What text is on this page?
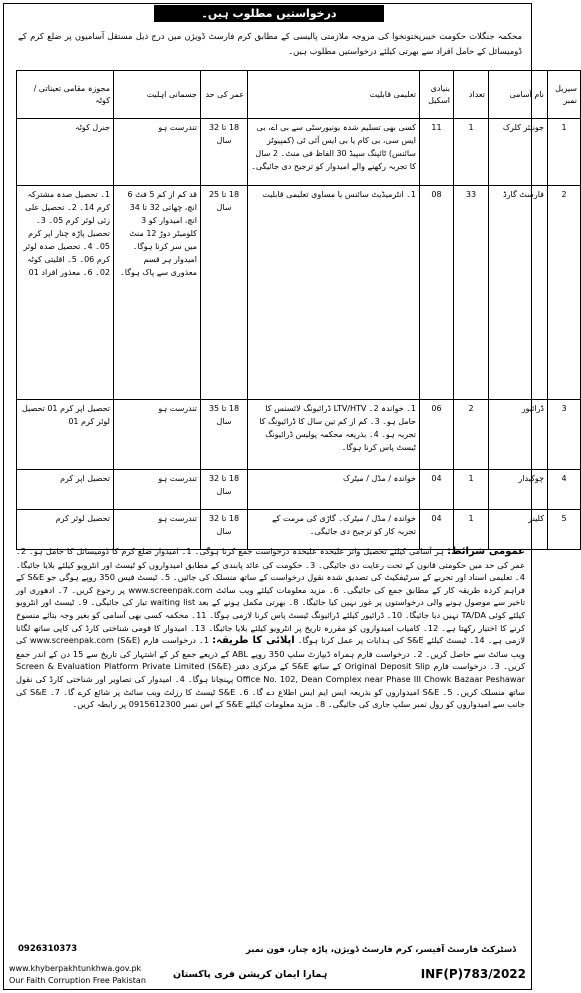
درخواستیں مطلوب ہیں۔
محکمہ جنگلات حکومت خیبرپختونخوا کی مروجہ ملازمتی پالیسی کے مطابق کرم فارسٹ ڈویژن میں درج ذیل مستقل آسامیوں پر ضلع کرم کے ڈومیسائل کے حامل افراد سے بھرتی کیلئے درخواستیں مطلوب ہیں۔
سیریل نمبر	نام آسامی	تعداد	بنیادی اسکیل	تعلیمی قابلیت	عمر کی حد	جسمانی اہلیت	مجوزہ مقامی تعیناتی / کوٹہ
1	جونیئر کلرک	1	11	کسی بھی تسلیم شدہ یونیورسٹی سے بی اے، بی ایس سی، بی کام یا بی ایس آئی ٹی (کمپیوٹر سائنس) ٹائپنگ سپیڈ 30 الفاظ فی منٹ۔ 2 سال کا تجربہ رکھنے والے امیدوار کو ترجیح دی جائیگی۔	18 تا 32 سال	تندرست ہو	جنرل کوٹہ
2	فارسٹ گارڈ	33	08	1۔ انٹرمیڈیٹ سائنس یا مساوی تعلیمی قابلیت	18 تا 25 سال	قد کم از کم 5 فٹ 6 انچ، چھاتی 32 تا 34 انچ، امیدوار کو 3 کلومیٹر دوڑ 12 منٹ میں سر کرنا ہوگا۔ امیدوار ہر قسم معذوری سے پاک ہوگا۔	1۔ تحصیل صدہ مشترکہ کرم 14۔ 2۔ تحصیل علی زئی لوئر کرم 05۔ 3۔ تحصیل پاڑہ چنار اپر کرم 05۔ 4۔ تحصیل صدہ لوئر کرم 06۔ 5۔ اقلیتی کوٹہ 02۔ 6۔ معذور افراد 01
3	ڈرائیور	2	06	1۔ خواندہ 2۔ LTV/HTV ڈرائیونگ لائسنس کا حامل ہو۔ 3۔ کم از کم تین سال کا ڈرائیونگ کا تجربہ ہو۔ 4۔ بذریعہ محکمہ پولیس ڈرائیونگ ٹیسٹ پاس کرنا ہوگا۔	18 تا 35 سال	تندرست ہو	تحصیل اپر کرم 01 تحصیل لوئر کرم 01
4	چوکیدار	1	04	خواندہ / مڈل / میٹرک	18 تا 32 سال	تندرست ہو	تحصیل اپر کرم
5	کلینر	1	04	خواندہ / مڈل / میٹرک۔ گاڑی کی مرمت کے تجربہ کار کو ترجیح دی جائیگی۔	18 تا 32 سال	تندرست ہو	تحصیل لوئر کرم
عمومی شرائط: ہر آسامی کیلئے تحصیل وائز علیحدہ علیحدہ درخواست جمع کرنا ہوگی۔ 1۔ امیدوار ضلع کرم کا ڈومیسائل کا حامل ہو۔ 2۔ عمر کی حد میں حکومتی قانون کے تحت رعایت دی جائیگی۔ 3۔ حکومت کی عائد پابندی کے مطابق امیدواروں کو ٹیسٹ اور انٹرویو کیلئے بلایا جائیگا۔ 4۔ تعلیمی اسناد اور تجربے کے سرٹیفکیٹ کی تصدیق شدہ نقول درخواست کے ساتھ منسلک کی جائیں۔ 5۔ ٹیسٹ فیس 350 روپے ہوگی جو S&E کے فراہم کردہ طریقہ کار کے مطابق جمع کی جائیگی۔ 6۔ مزید معلومات کیلئے ویب سائٹ www.screenpak.com پر رجوع کریں۔ 7۔ ادھوری اور تاخیر سے موصول ہونے والی درخواستوں پر غور نہیں کیا جائیگا۔ 8۔ بھرتی مکمل ہونے کے بعد waiting list تیار کی جائیگی۔ 9۔ ٹیسٹ اور انٹرویو کیلئے کوئی TA/DA نہیں دیا جائیگا۔ 10۔ ڈرائیور کیلئے ڈرائیونگ ٹیسٹ پاس کرنا لازمی ہوگا۔ 11۔ محکمہ کسی بھی آسامی کو بغیر وجہ بتائے منسوخ کرنے کا اختیار رکھتا ہے۔ 12۔ کامیاب امیدواروں کو مقررہ تاریخ پر انٹرویو کیلئے بلایا جائیگا۔ 13۔ امیدوار کا قومی شناختی کارڈ کی کاپی ساتھ لگانا لازمی ہے۔ 14۔ ٹیسٹ کیلئے S&E کی ہدایات پر عمل کرنا ہوگا۔ اپلائی کا طریقہ: 1۔ درخواست فارم www.screenpak.com (S&E) کی ویب سائٹ سے حاصل کریں۔ 2۔ درخواست فارم ہمراہ ڈیپازٹ سلپ 350 روپے ABL کے ذریعے جمع کر کے اشتہار کی تاریخ سے 15 دن کے اندر جمع کریں۔ 3۔ درخواست فارم Original Deposit Slip کے ساتھ S&E کے مرکزی دفتر Screen & Evaluation Platform Private Limited (S&E) Office No. 102, Dean Complex near Phase III Chowk Bazaar Peshawar پہنچانا ہوگا۔ 4۔ امیدوار کی تصاویر اور شناختی کارڈ کی نقول ساتھ منسلک کریں۔ 5۔ S&E امیدواروں کو بذریعہ ایس ایم ایس اطلاع دے گا۔ 6۔ S&E ٹیسٹ کا رزلٹ ویب سائٹ پر شائع کرے گا۔ 7۔ S&E کی جانب سے امیدواروں کو رول نمبر سلپ جاری کی جائیگی۔ 8۔ مزید معلومات کیلئے S&E کے اس نمبر 0915612300 پر رابطہ کریں۔
ڈسٹرکٹ فارسٹ آفیسر، کرم فارسٹ ڈویژن، پاڑہ چنار، فون نمبر
0926310373
www.khyberpakhtunkhwa.gov.pk
Our Faith Corruption Free Pakistan
ہمارا ایمان کرپشن فری پاکستان	INF(P)783/2022
